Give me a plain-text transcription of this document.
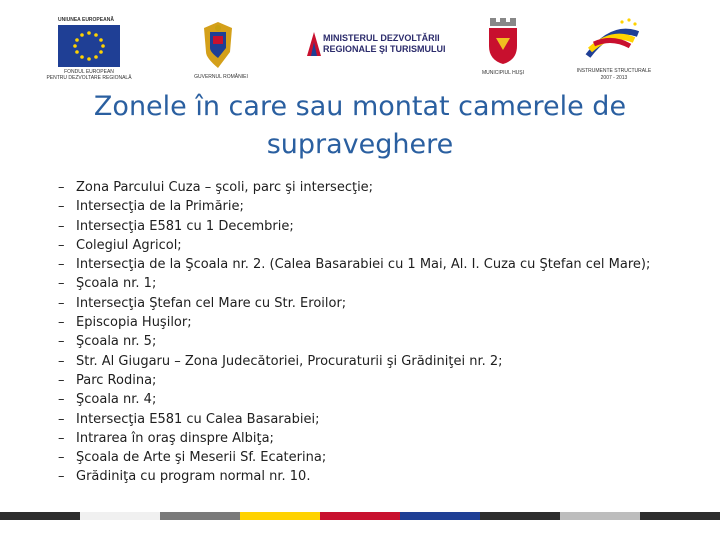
UNIUNEA EUROPEANĂ
FONDUL EUROPEAN
PENTRU DEZVOLTARE REGIONALĂ	GUVERNUL ROMÂNIEI
MINISTERUL DEZVOLTĂRII
REGIONALE ŞI TURISMULUI
MUNICIPIUL HUŞI	INSTRUMENTE STRUCTURALE
2007 - 2013
Zonele în care sau montat camerele de supraveghere
– Zona Parcului Cuza – şcoli, parc şi intersecţie;
– Intersecţia de la Primărie;
– Intersecţia E581 cu 1 Decembrie;
– Colegiul Agricol;
– Intersecţia de la Şcoala nr. 2. (Calea Basarabiei cu 1 Mai, Al. I. Cuza cu Ştefan cel Mare);
– Şcoala nr. 1;
– Intersecţia Ştefan cel Mare cu Str. Eroilor;
– Episcopia Huşilor;
– Şcoala nr. 5;
– Str. Al Giugaru – Zona Judecătoriei, Procuraturii şi Grădiniţei nr. 2;
– Parc Rodina;
– Şcoala nr. 4;
– Intersecţia E581 cu Calea Basarabiei;
– Intrarea în oraş dinspre Albiţa;
– Şcoala de Arte şi Meserii Sf. Ecaterina;
– Grădiniţa cu program normal nr. 10.
